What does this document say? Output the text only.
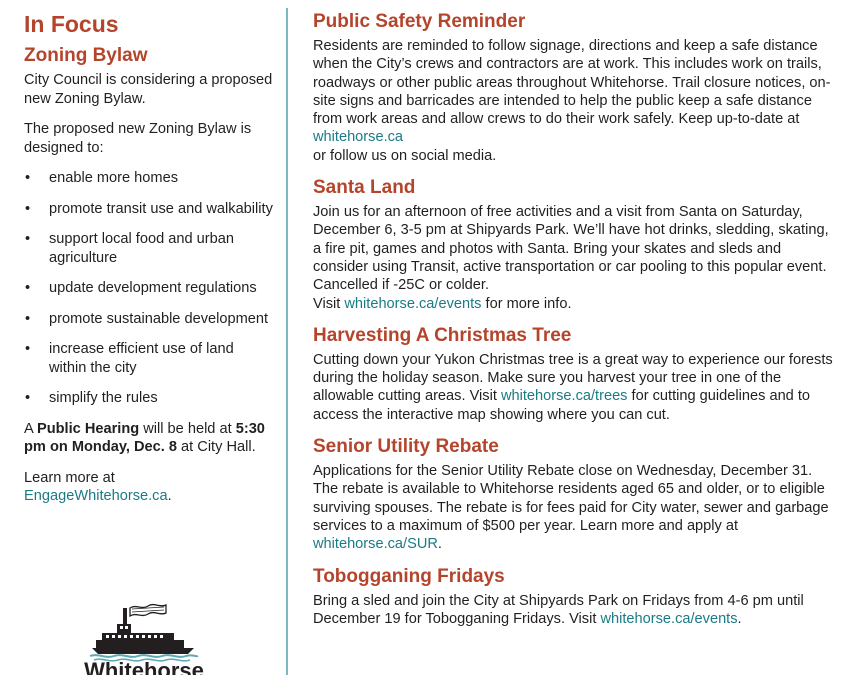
In Focus
Zoning Bylaw

City Council is considering a proposed new Zoning Bylaw.

The proposed new Zoning Bylaw is designed to:

• enable more homes
• promote transit use and walkability
• support local food and urban agriculture
• update development regulations
• promote sustainable development
• increase efficient use of land within the city
• simplify the rules

A Public Hearing will be held at 5:30 pm on Monday, Dec. 8 at City Hall.

Learn more at
EngageWhitehorse.ca.

Whitehorse
Public Safety Reminder

Residents are reminded to follow signage, directions and keep a safe distance when the City’s crews and contractors are at work. This includes work on trails, roadways or other public areas throughout Whitehorse. Trail closure notices, on-site signs and barricades are intended to help the public keep a safe distance from work areas and allow crews to do their work safely. Keep up-to-date at whitehorse.ca
or follow us on social media.

Santa Land

Join us for an afternoon of free activities and a visit from Santa on Saturday, December 6, 3-5 pm at Shipyards Park. We’ll have hot drinks, sledding, skating, a fire pit, games and photos with Santa. Bring your skates and sleds and consider using Transit, active transportation or car pooling to this popular event. Cancelled if -25C or colder.
Visit whitehorse.ca/events for more info.

Harvesting A Christmas Tree

Cutting down your Yukon Christmas tree is a great way to experience our forests during the holiday season. Make sure you harvest your tree in one of the allowable cutting areas. Visit whitehorse.ca/trees for cutting guidelines and to access the interactive map showing where you can cut.

Senior Utility Rebate

Applications for the Senior Utility Rebate close on Wednesday, December 31. The rebate is available to Whitehorse residents aged 65 and older, or to eligible surviving spouses. The rebate is for fees paid for City water, sewer and garbage services to a maximum of $500 per year. Learn more and apply at whitehorse.ca/SUR.

Tobogganing Fridays

Bring a sled and join the City at Shipyards Park on Fridays from 4-6 pm until December 19 for Tobogganing Fridays. Visit whitehorse.ca/events.
